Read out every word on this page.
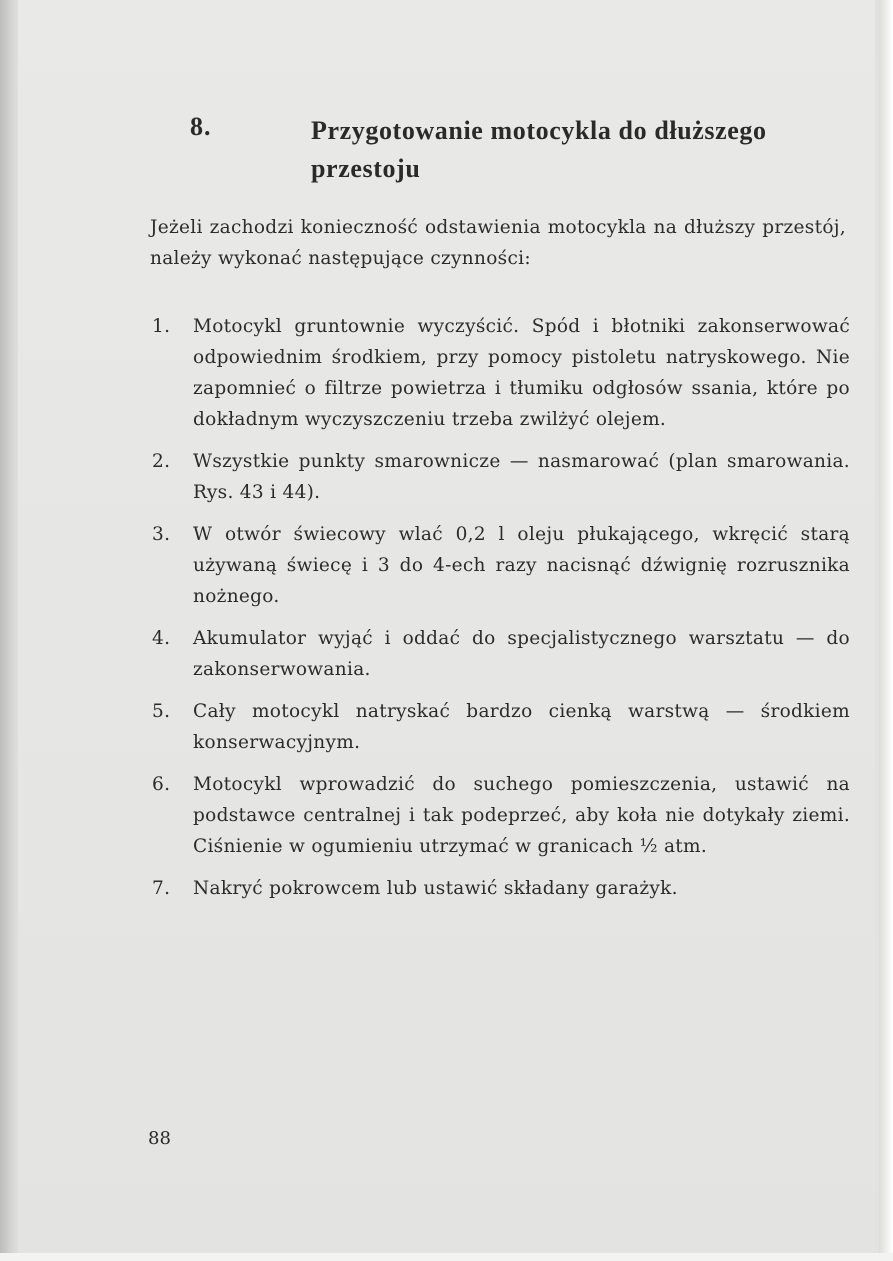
8.	Przygotowanie motocykla do dłuższego przestoju
Jeżeli zachodzi konieczność odstawienia motocykla na dłuższy przestój, należy wykonać następujące czynności:
1. Motocykl gruntownie wyczyścić. Spód i błotniki zakonserwować odpowiednim środkiem, przy pomocy pistoletu natryskowego. Nie zapomnieć o filtrze powietrza i tłumiku odgłosów ssania, które po dokładnym wyczyszczeniu trzeba zwilżyć olejem.
2. Wszystkie punkty smarownicze — nasmarować (plan smarowania. Rys. 43 i 44).
3. W otwór świecowy wlać 0,2 l oleju płukającego, wkręcić starą używaną świecę i 3 do 4-ech razy nacisnąć dźwignię rozrusznika nożnego.
4. Akumulator wyjąć i oddać do specjalistycznego warsztatu — do zakonserwowania.
5. Cały motocykl natryskać bardzo cienką warstwą — środkiem konserwacyjnym.
6. Motocykl wprowadzić do suchego pomieszczenia, ustawić na podstawce centralnej i tak podeprzeć, aby koła nie dotykały ziemi. Ciśnienie w ogumieniu utrzymać w granicach ½ atm.
7. Nakryć pokrowcem lub ustawić składany garażyk.
88
